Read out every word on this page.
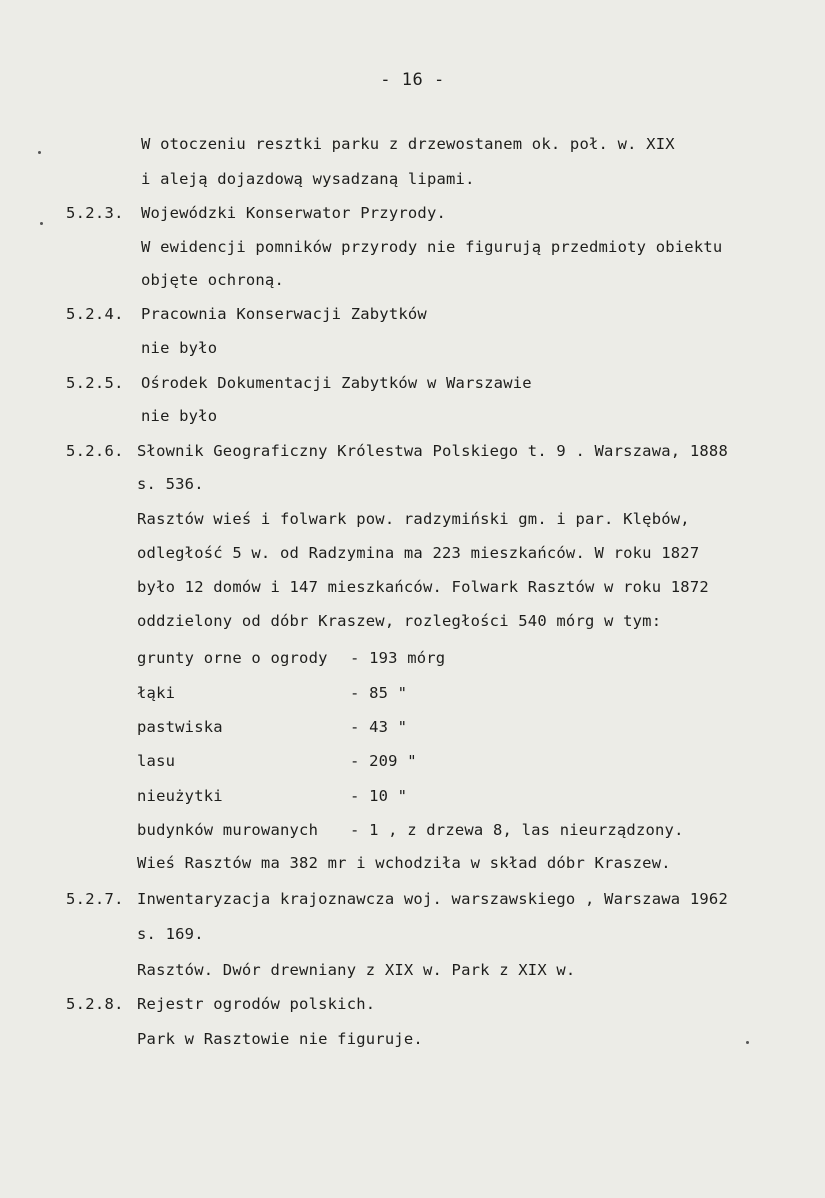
- 16 -
W otoczeniu resztki parku z drzewostanem ok. poł. w. XIX
i aleją dojazdową wysadzaną lipami.
5.2.3. Wojewódzki Konserwator Przyrody.
W ewidencji pomników przyrody nie figurują przedmioty obiektu
objęte ochroną.
5.2.4. Pracownia Konserwacji Zabytków
nie było
5.2.5. Ośrodek Dokumentacji Zabytków w Warszawie
nie było
5.2.6. Słownik Geograficzny Królestwa Polskiego t. 9 . Warszawa, 1888
s. 536.
Rasztów wieś i folwark pow. radzymiński gm. i par. Klębów,
odległość 5 w. od Radzymina ma 223 mieszkańców. W roku 1827
było 12 domów i 147 mieszkańców. Folwark Rasztów w roku 1872
oddzielony od dóbr Kraszew, rozległości 540 mórg w tym:
grunty orne o ogrody - 193 mórg
łąki	- 85 "
pastwiska	- 43 "
lasu	- 209 "
nieużytki	- 10 "
budynków murowanych - 1 , z drzewa 8, las nieurządzony.
Wieś Rasztów ma 382 mr i wchodziła w skład dóbr Kraszew.
5.2.7. Inwentaryzacja krajoznawcza woj. warszawskiego , Warszawa 1962
s. 169.
Rasztów. Dwór drewniany z XIX w. Park z XIX w.
5.2.8. Rejestr ogrodów polskich.
Park w Rasztowie nie figuruje.
